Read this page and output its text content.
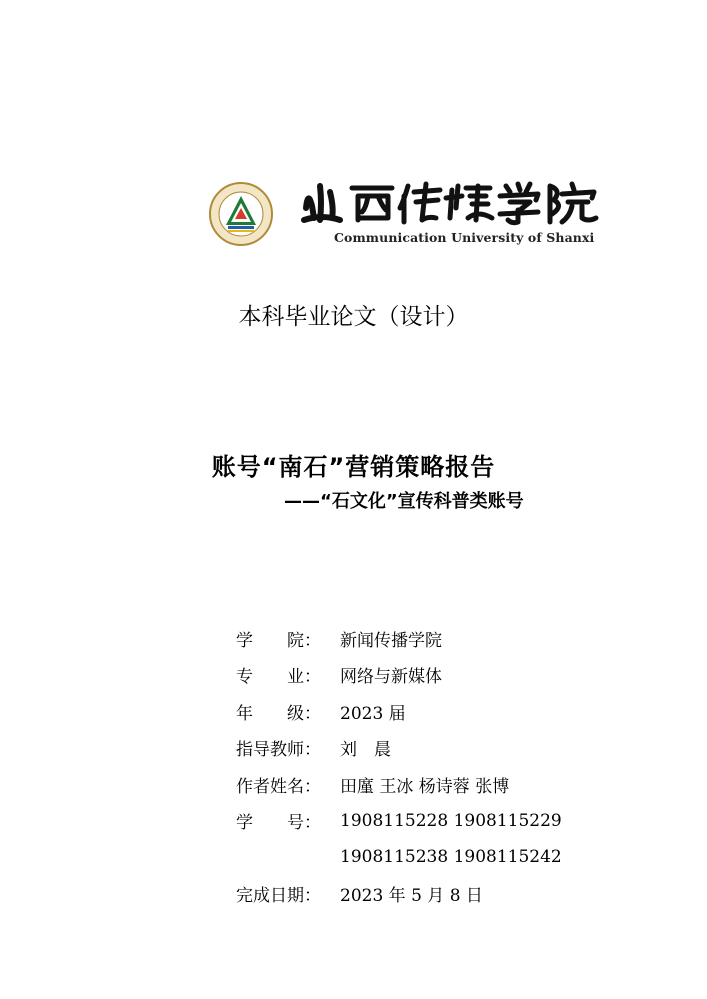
Communication University of Shanxi
本科毕业论文（设计）
账号“南石”营销策略报告
——“石文化”宣传科普类账号
学　　院：	新闻传播学院
专　　业：	网络与新媒体
年　　级：	2023 届
指导教师：	刘　晨
作者姓名：	田廑 王冰 杨诗蓉 张博
学　　号：	1908115228 1908115229
1908115238 1908115242
完成日期：	2023 年 5 月 8 日
